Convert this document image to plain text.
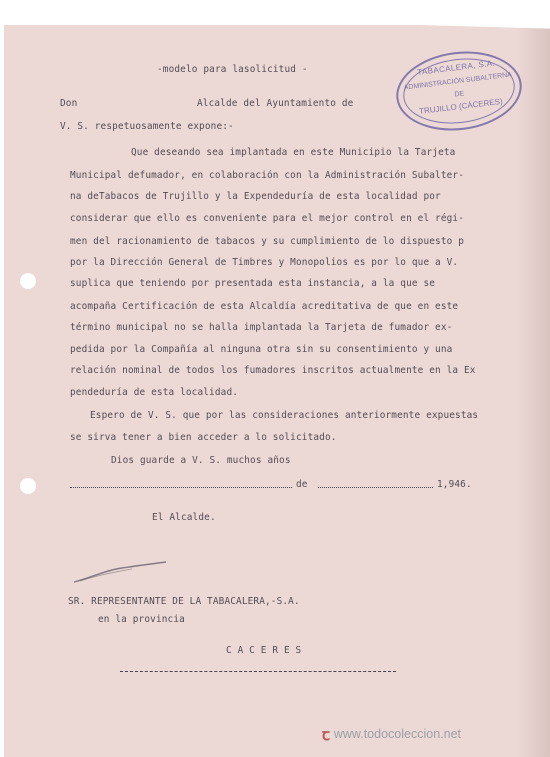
-modelo para lasolicitud -
Don	Alcalde del Ayuntamiento de
V. S. respetuosamente expone:-
Que deseando sea implantada en este Municipio la Tarjeta
Municipal defumador, en colaboración con la Administración Subalter-
na deTabacos de Trujillo y la Expendeduría de esta localidad por
considerar que ello es conveniente para el mejor control en el régi-
men del racionamiento de tabacos y su cumplimiento de lo dispuesto p
por la Dirección General de Timbres y Monopolios es por lo que a V.
suplica que teniendo por presentada esta instancia, a la que se
acompaña Certificación de esta Alcaldía acreditativa de que en este
término municipal no se halla implantada la Tarjeta de fumador ex-
pedida por la Compañía al ninguna otra sin su consentimiento y una
relación nominal de todos los fumadores inscritos actualmente en la Ex
pendeduría de esta localidad.
Espero de V. S. que por las consideraciones anteriormente expuestas
se sirva tener a bien acceder a lo solicitado.
Dios guarde a V. S. muchos años
de	1,946.
El Alcalde.
SR. REPRESENTANTE DE LA TABACALERA,-S.A.
en la provincia
C A C E R E S
TABACALERA, S.A.
ADMINISTRACIÓN SUBALTERNA
DE
TRUJILLO (CÁCERES)
ꞇ www.todocoleccion.net
